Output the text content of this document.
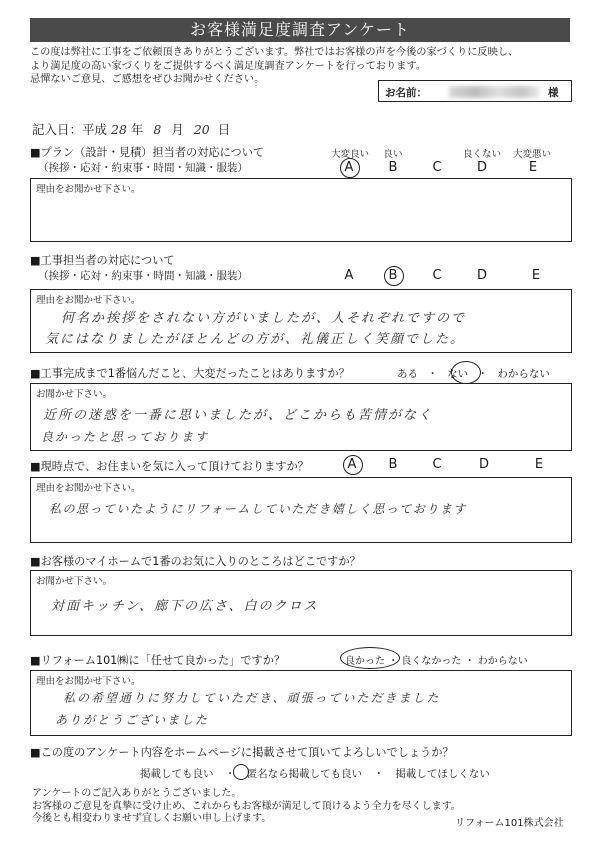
お客様満足度調査アンケート
この度は弊社に工事をご依頼頂きありがとうございます。弊社ではお客様の声を今後の家づくりに反映し、
より満足度の高い家づくりをご提供するべく満足度調査アンケートを行っております。
忌憚ないご意見、ご感想をぜひお聞かせください。
お名前：	様
記入日：平成 28 年 8 月 20 日
■プラン（設計・見積）担当者の対応について
（挨拶・応対・約束事・時間・知識・服装）
大変良い 良い	良くない 大変悪い
A	B	C	D	E
理由をお聞かせ下さい。
■工事担当者の対応について
（挨拶・応対・約束事・時間・知識・服装）	A	B	C	D	E
理由をお聞かせ下さい。
何名か挨拶をされない方がいましたが、人それぞれですので
気にはなりましたがほとんどの方が、礼儀正しく笑顔でした。
■工事完成まで1番悩んだこと、大変だったことはありますか？	ある ・ ない ・ わからない
お聞かせ下さい。
近所の迷惑を一番に思いましたが、どこからも苦情がなく
良かったと思っております
■現時点で、お住まいを気に入って頂けておりますか？	A B	C	D	E
理由をお聞かせ下さい。
私の思っていたようにリフォームしていただき嬉しく思っております
■お客様のマイホームで1番のお気に入りのところはどこですか？
お聞かせ下さい。
対面キッチン、廊下の広さ、白のクロス
■リフォーム101㈱に「任せて良かった」ですか？	良かった ・ 良くなかった ・ わからない
理由をお聞かせ下さい。
私の希望通りに努力していただき、頑張っていただきました
ありがとうございました
■この度のアンケート内容をホームページに掲載させて頂いてよろしいでしょうか？
掲載しても良い ・ 匿名なら掲載しても良い ・ 掲載してほしくない
アンケートのご記入ありがとうございました。
お客様のご意見を真摯に受け止め、これからもお客様が満足して頂けるよう全力を尽くします。
今後とも相変わりませず宜しくお願い申し上げます。	リフォーム101株式会社
